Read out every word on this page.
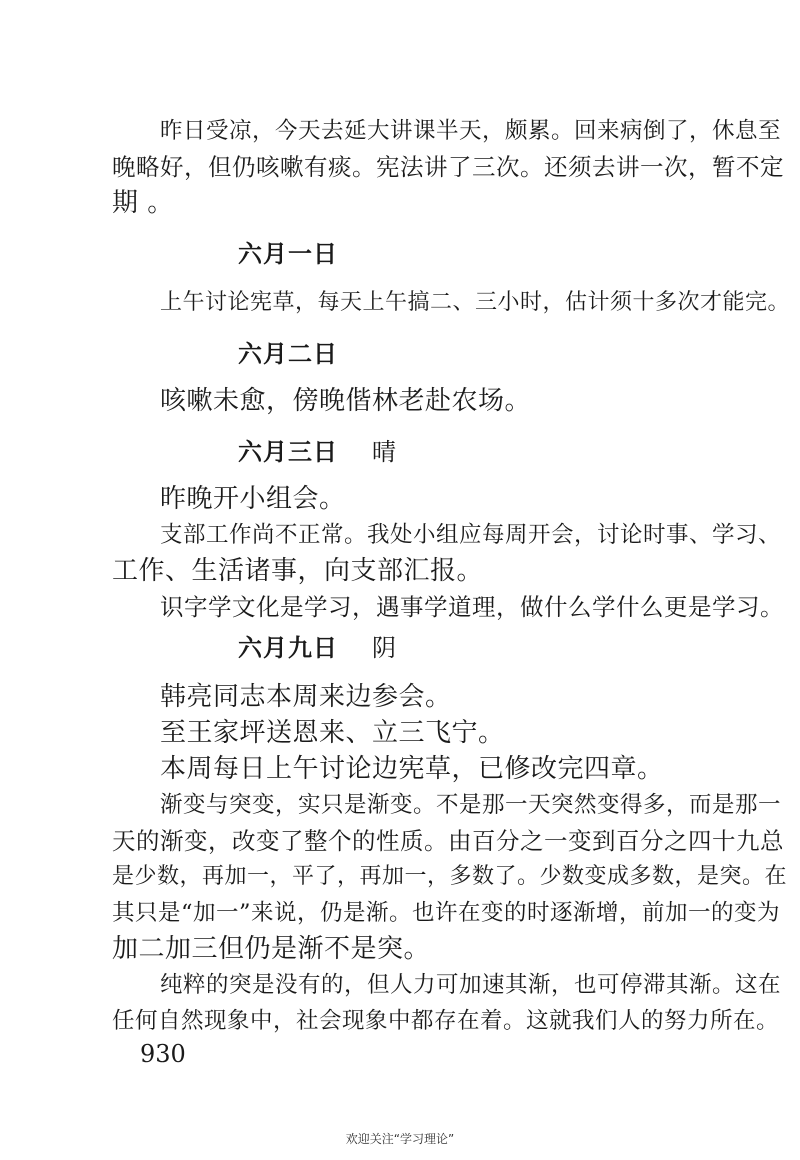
昨日受凉，今天去延大讲课半天，颇累。回来病倒了，休息至
晚略好，但仍咳嗽有痰。宪法讲了三次。还须去讲一次，暂不定
期 。
六月一日
上午讨论宪草，每天上午搞二、三小时，估计须十多次才能完。
六月二日
咳嗽未愈，傍晚偕林老赴农场。
六月三日 晴
昨晚开小组会。
支部工作尚不正常。我处小组应每周开会，讨论时事、学习、
工作、生活诸事，向支部汇报。
识字学文化是学习，遇事学道理，做什么学什么更是学习。
六月九日 阴
韩亮同志本周来边参会。
至王家坪送恩来、立三飞宁。
本周每日上午讨论边宪草，已修改完四章。
渐变与突变，实只是渐变。不是那一天突然变得多，而是那一
天的渐变，改变了整个的性质。由百分之一变到百分之四十九总
是少数，再加一，平了，再加一，多数了。少数变成多数，是突。在
其只是“加一”来说，仍是渐。也许在变的时逐渐增，前加一的变为
加二加三但仍是渐不是突。
纯粹的突是没有的，但人力可加速其渐，也可停滞其渐。这在
任何自然现象中，社会现象中都存在着。这就我们人的努力所在。
930
欢迎关注“学习理论”
